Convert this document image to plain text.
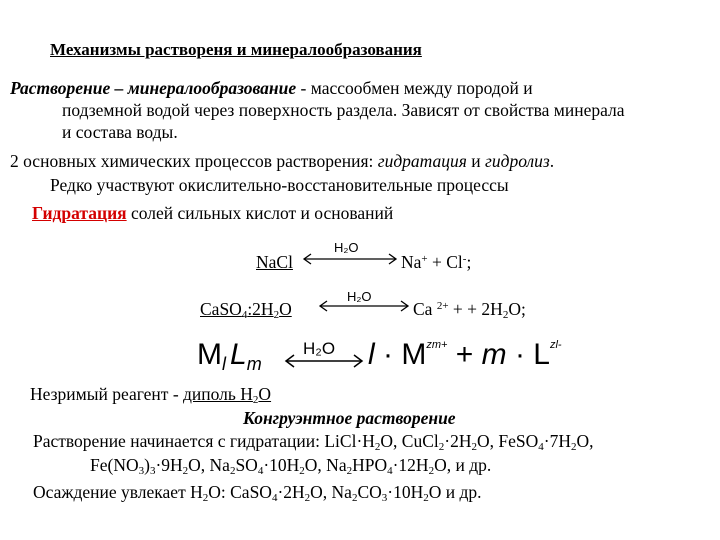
Механизмы раствореня и минералообразования
Растворение – минералообразование - массообмен между породой и
подземной водой через поверхность раздела. Зависят от свойства минерала
и состава воды.
2 основных химических процессов растворения: гидратация и гидролиз.
Редко участвуют окислительно-восстановительные процессы
Гидратация солей сильных кислот и оснований
NaCl
H₂O
Na+ + Cl-;
$CaSO_4:2H_2O$
H₂O
Ca $^{2+}$ + + $2H_2O$;
$M_l$ $L_m$
H₂O $l \cdot M^{zm+} + m \cdot L^{zl-}$
Незримый реагент - диполь $H_2O$
Конгруэнтное растворение
Растворение начинается с гидратации: $LiCl\cdot H_2O$, $CuCl_2\cdot 2H_2O$, $FeSO_4\cdot 7H_2O$,
$Fe(NO_3)_3\cdot 9H_2O$, $Na_2SO_4\cdot 10H_2O$, $Na_2HPO_4\cdot 12H_2O$, и др.
Осаждение увлекает $H_2O$: $CaSO_4\cdot 2H_2O$, $Na_2CO_3\cdot 10H_2O$ и др.
